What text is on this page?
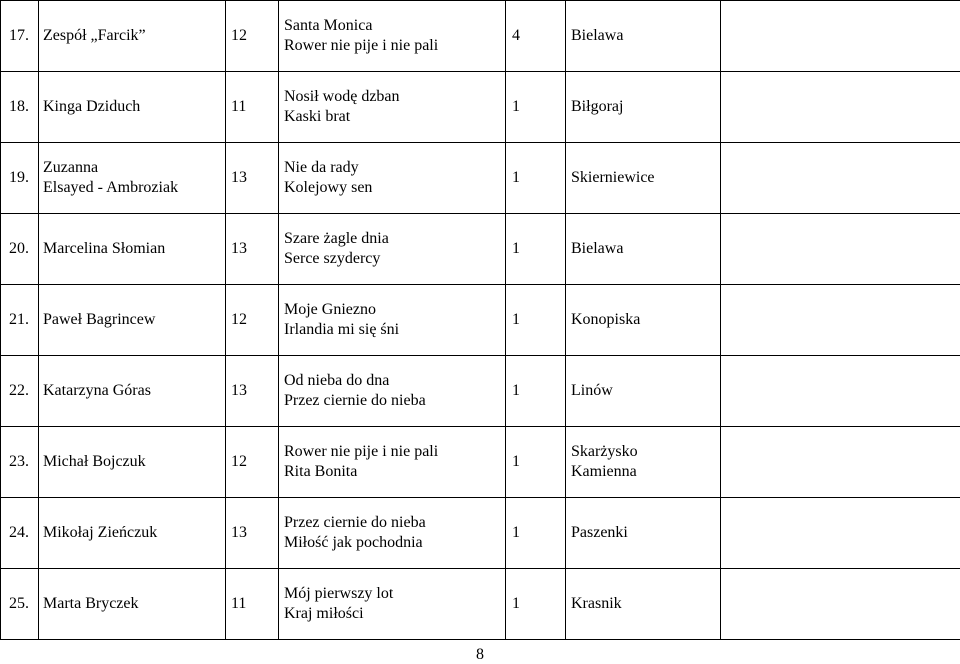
17.	Zespół „Farcik”	12	Santa Monica
Rower nie pije i nie pali	4	Bielawa	

18.	Kinga Dziduch	11	Nosił wodę dzban
Kaski brat	1	Biłgoraj	

19.	Zuzanna
Elsayed - Ambroziak	13	Nie da rady
Kolejowy sen	1	Skierniewice	

20.	Marcelina Słomian	13	Szare żagle dnia
Serce szydercy	1	Bielawa	

21.	Paweł Bagrincew	12	Moje Gniezno
Irlandia mi się śni	1	Konopiska	

22.	Katarzyna Góras	13	Od nieba do dna
Przez ciernie do nieba	1	Linów	

23.	Michał Bojczuk	12	Rower nie pije i nie pali
Rita Bonita	1	Skarżysko
Kamienna	

24.	Mikołaj Zieńczuk	13	Przez ciernie do nieba
Miłość jak pochodnia	1	Paszenki	

25.	Marta Bryczek	11	Mój pierwszy lot
Kraj miłości	1	Krasnik	

8
